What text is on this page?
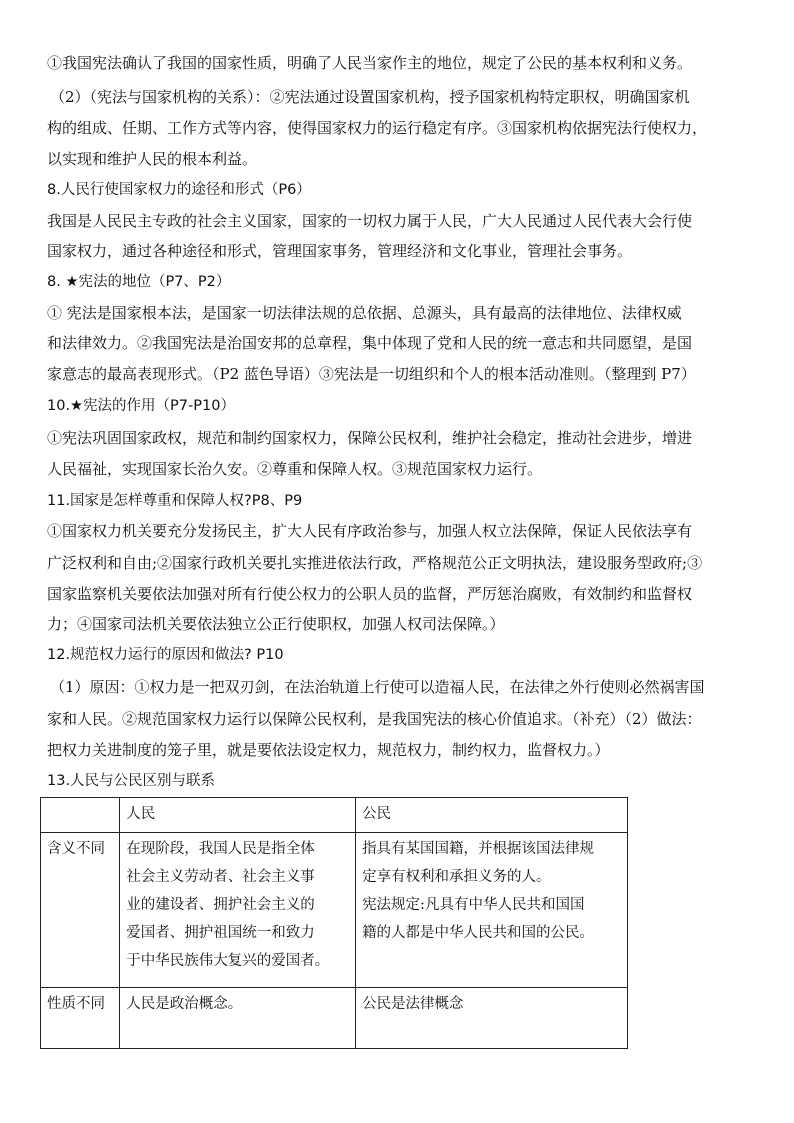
①我国宪法确认了我国的国家性质，明确了人民当家作主的地位，规定了公民的基本权利和义务。
（2）（宪法与国家机构的关系）：②宪法通过设置国家机构，授予国家机构特定职权，明确国家机
构的组成、任期、工作方式等内容，使得国家权力的运行稳定有序。③国家机构依据宪法行使权力，
以实现和维护人民的根本利益。
8.人民行使国家权力的途径和形式（P6）
我国是人民民主专政的社会主义国家，国家的一切权力属于人民，广大人民通过人民代表大会行使
国家权力，通过各种途径和形式，管理国家事务，管理经济和文化事业，管理社会事务。
8. ★宪法的地位（P7、P2）
① 宪法是国家根本法，是国家一切法律法规的总依据、总源头，具有最高的法律地位、法律权威
和法律效力。②我国宪法是治国安邦的总章程，集中体现了党和人民的统一意志和共同愿望，是国
家意志的最高表现形式。（P2 蓝色导语）③宪法是一切组织和个人的根本活动准则。（整理到 P7）
10.★宪法的作用（P7-P10）
①宪法巩固国家政权，规范和制约国家权力，保障公民权利，维护社会稳定，推动社会进步，增进
人民福祉，实现国家长治久安。②尊重和保障人权。③规范国家权力运行。
11.国家是怎样尊重和保障人权?P8、P9
①国家权力机关要充分发扬民主，扩大人民有序政治参与，加强人权立法保障，保证人民依法享有
广泛权利和自由;②国家行政机关要扎实推进依法行政，严格规范公正文明执法，建设服务型政府;③
国家监察机关要依法加强对所有行使公权力的公职人员的监督，严厉惩治腐败，有效制约和监督权
力；④国家司法机关要依法独立公正行使职权，加强人权司法保障。）
12.规范权力运行的原因和做法? P10
（1）原因：①权力是一把双刃剑，在法治轨道上行使可以造福人民，在法律之外行使则必然祸害国
家和人民。②规范国家权力运行以保障公民权利，是我国宪法的核心价值追求。（补充）（2）做法：
把权力关进制度的笼子里，就是要依法设定权力，规范权力，制约权力，监督权力。）
13.人民与公民区别与联系
	人民	公民
含义不同	在现阶段，我国人民是指全体
社会主义劳动者、社会主义事
业的建设者、拥护社会主义的
爱国者、拥护祖国统一和致力
于中华民族伟大复兴的爱国者。	指具有某国国籍，并根据该国法律规
定享有权利和承担义务的人。
宪法规定:凡具有中华人民共和国国
籍的人都是中华人民共和国的公民。

性质不同	人民是政治概念。	公民是法律概念
